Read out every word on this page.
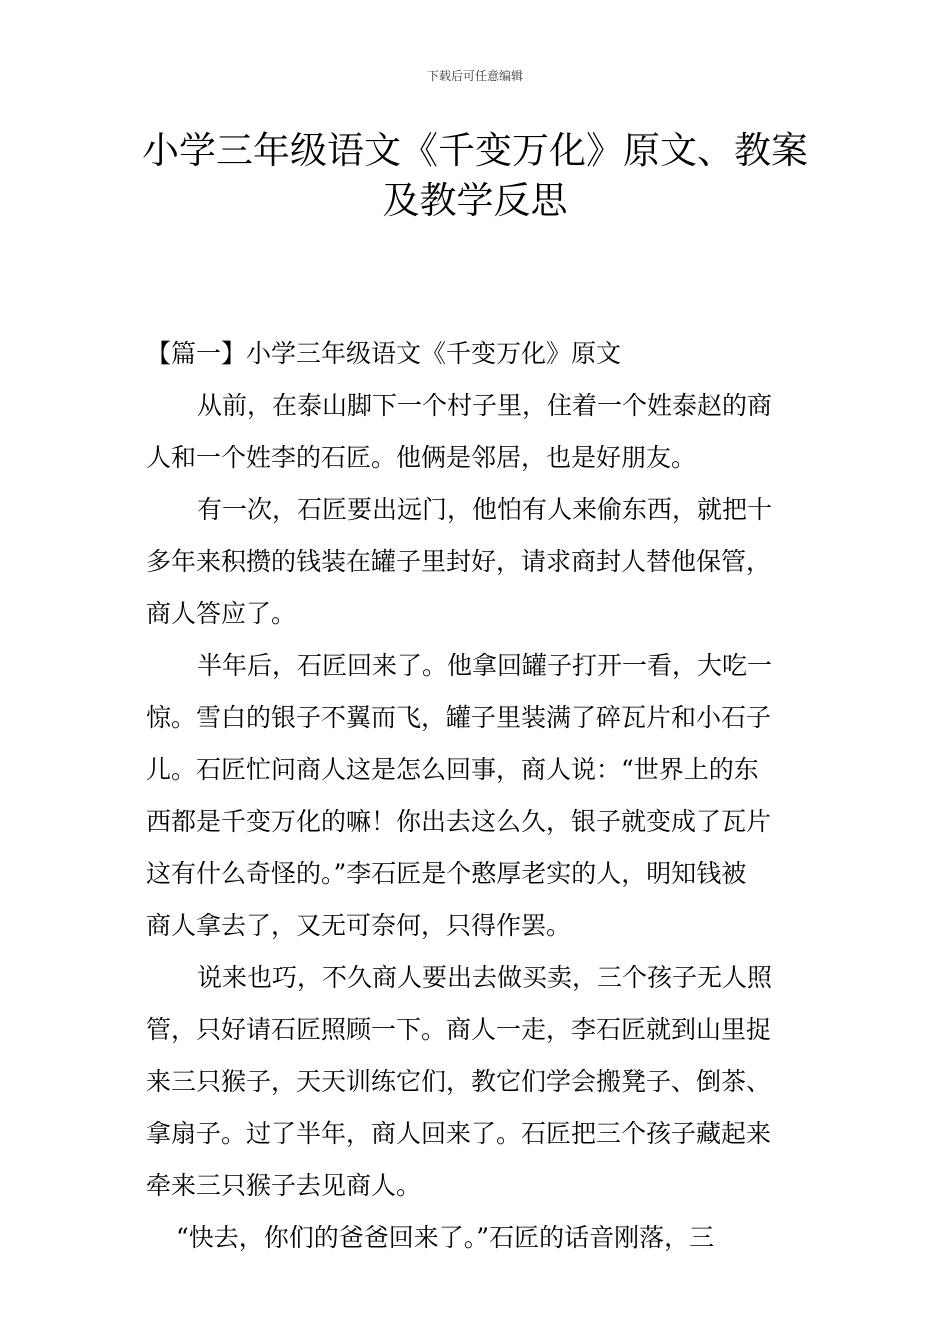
下载后可任意编辑
小学三年级语文《千变万化》原文、教案
及教学反思
【篇一】小学三年级语文《千变万化》原文
从前，在泰山脚下一个村子里，住着一个姓泰赵的商
人和一个姓李的石匠。他俩是邻居，也是好朋友。
有一次，石匠要出远门，他怕有人来偷东西，就把十
多年来积攒的钱装在罐子里封好，请求商封人替他保管，
商人答应了。
半年后，石匠回来了。他拿回罐子打开一看，大吃一
惊。雪白的银子不翼而飞，罐子里装满了碎瓦片和小石子
儿。石匠忙问商人这是怎么回事，商人说：“世界上的东
西都是千变万化的嘛！你出去这么久，银子就变成了瓦片
这有什么奇怪的。”李石匠是个憨厚老实的人，明知钱被
商人拿去了，又无可奈何，只得作罢。
说来也巧，不久商人要出去做买卖，三个孩子无人照
管，只好请石匠照顾一下。商人一走，李石匠就到山里捉
来三只猴子，天天训练它们，教它们学会搬凳子、倒茶、
拿扇子。过了半年，商人回来了。石匠把三个孩子藏起来
牵来三只猴子去见商人。
“快去，你们的爸爸回来了。”石匠的话音刚落，三
